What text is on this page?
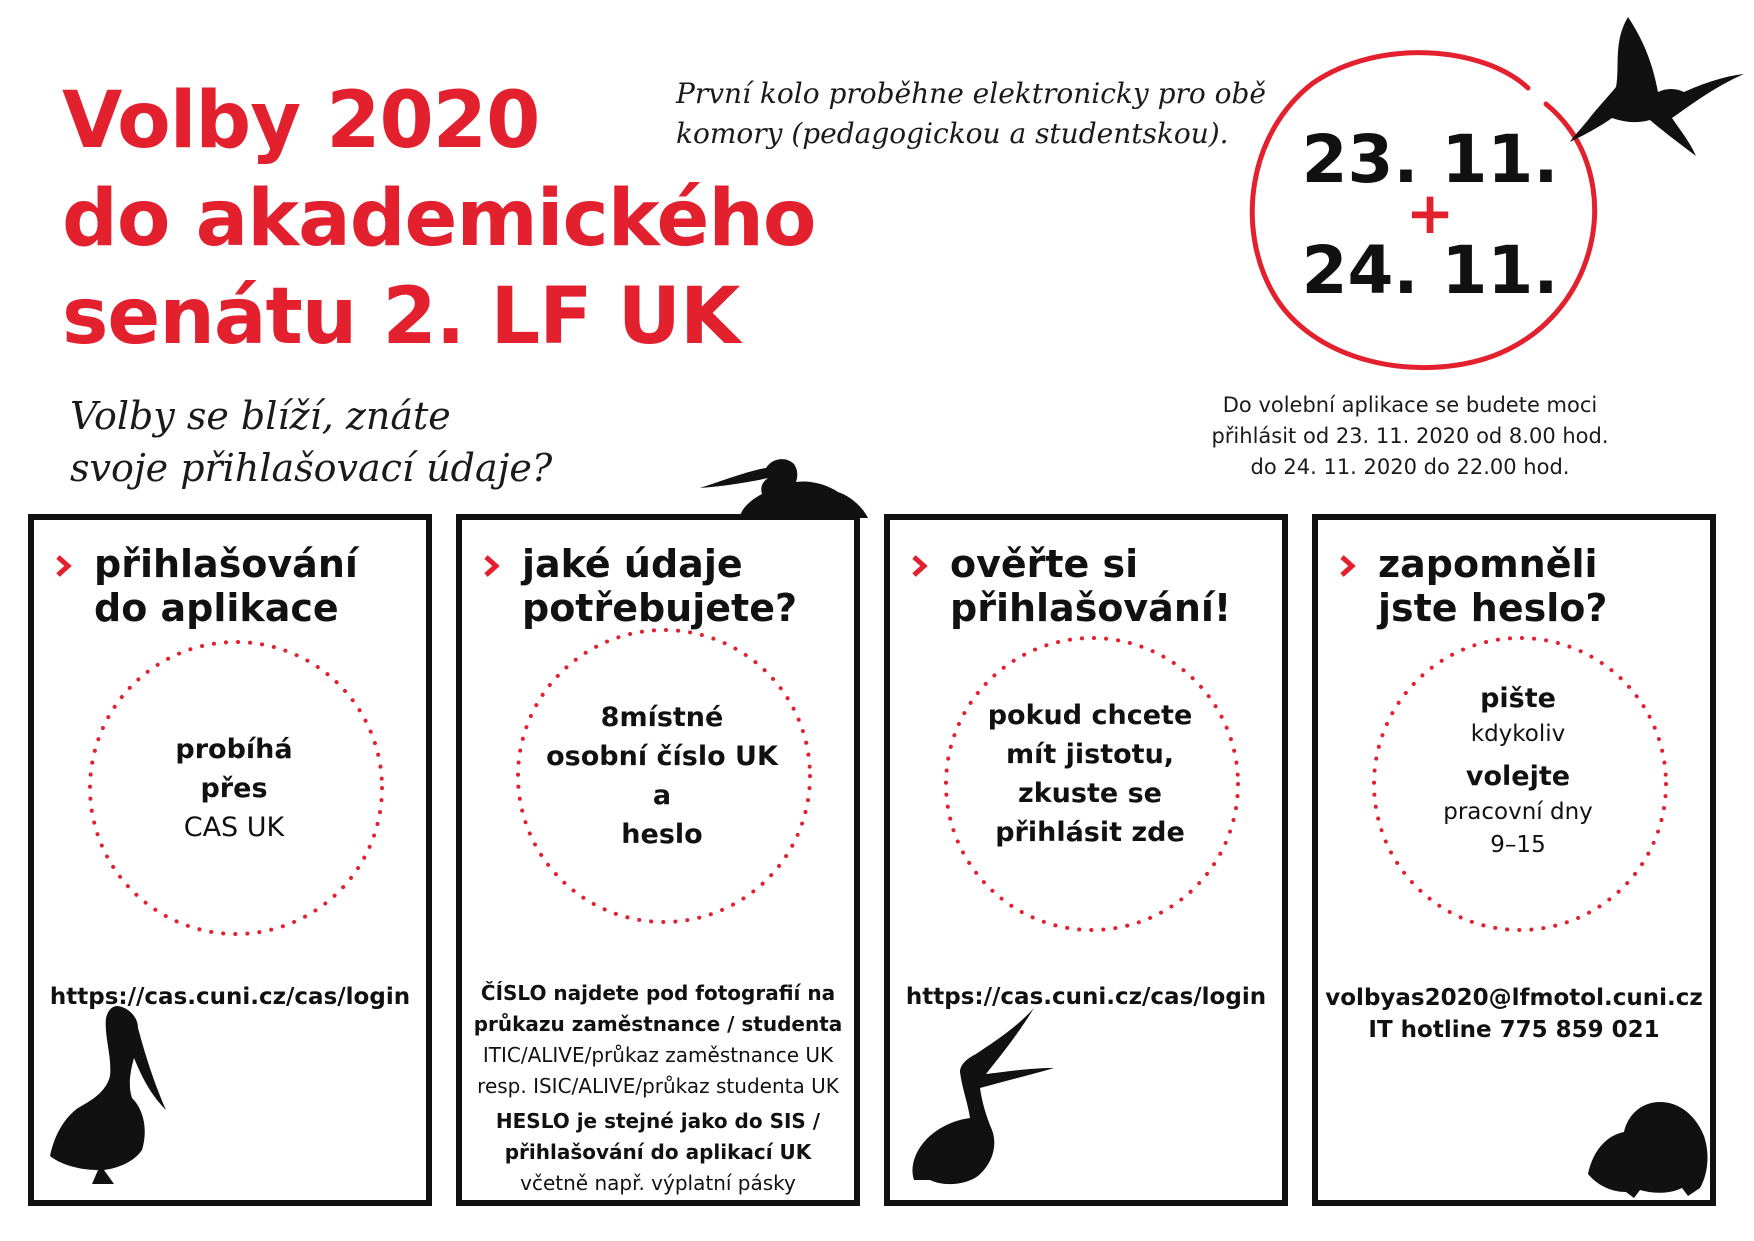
Volby 2020
do akademického
senátu 2. LF UK
První kolo proběhne elektronicky pro obě
komory (pedagogickou a studentskou).
Volby se blíží, znáte
svoje přihlašovací údaje?
23. 11.
+
24. 11.
Do volební aplikace se budete moci
přihlásit od 23. 11. 2020 od 8.00 hod.
do 24. 11. 2020 do 22.00 hod.
přihlašování
do aplikace
probíhá
přes
CAS UK
https://cas.cuni.cz/cas/login
jaké údaje
potřebujete?
8místné
osobní číslo UK
a
heslo
ČÍSLO najdete pod fotografií na
průkazu zaměstnance / studenta
ITIC/ALIVE/průkaz zaměstnance UK
resp. ISIC/ALIVE/průkaz studenta UK
HESLO je stejné jako do SIS /
přihlašování do aplikací UK
včetně např. výplatní pásky
ověřte si
přihlašování!
pokud chcete
mít jistotu,
zkuste se
přihlásit zde
https://cas.cuni.cz/cas/login
zapomněli
jste heslo?
pište
kdykoliv
volejte
pracovní dny
9–15
volbyas2020@lfmotol.cuni.cz
IT hotline 775 859 021
